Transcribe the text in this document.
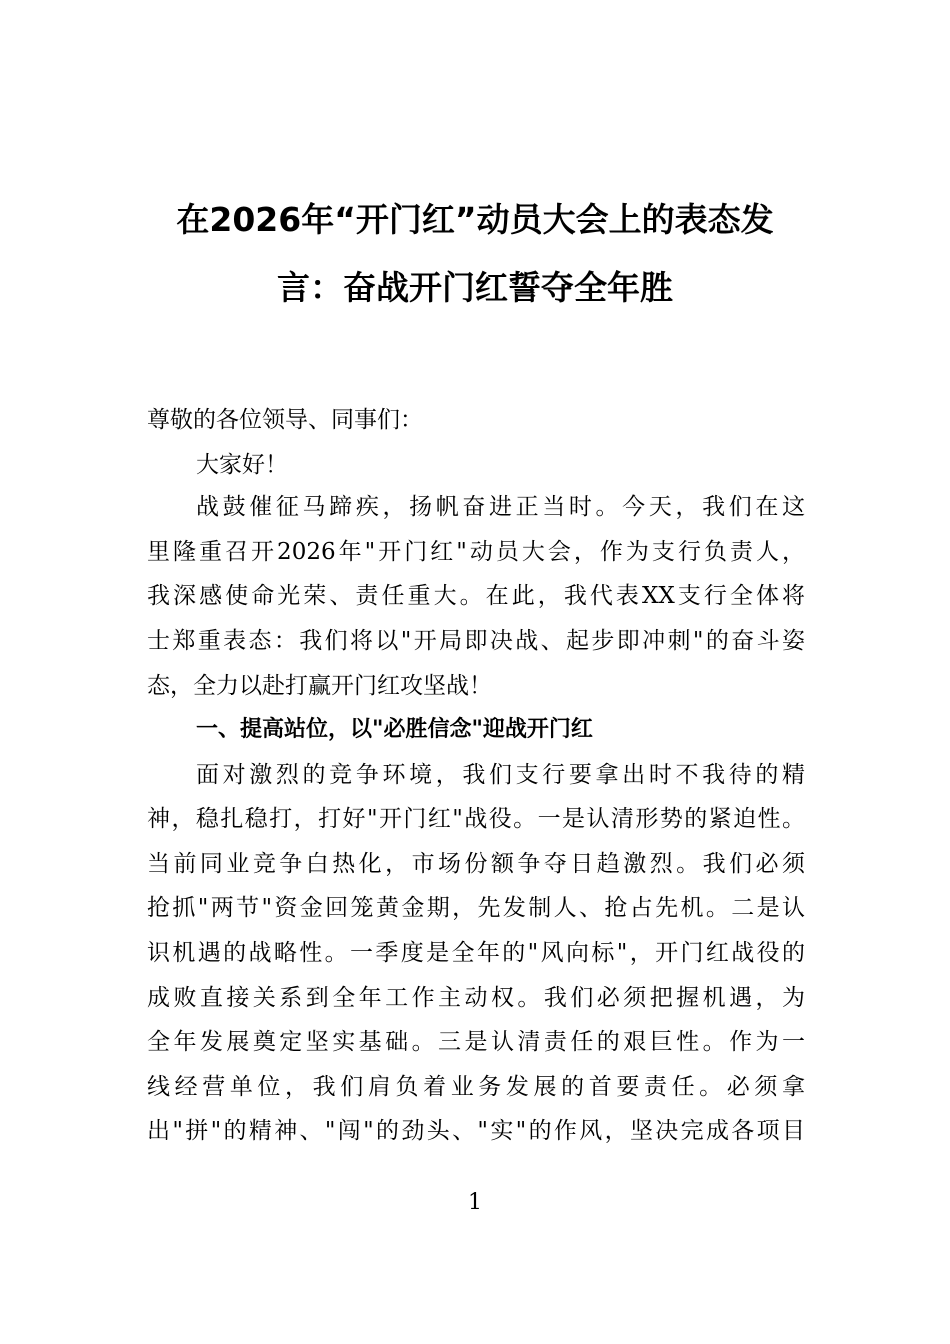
在2026年“开门红”动员大会上的表态发
言：奋战开门红誓夺全年胜
尊敬的各位领导、同事们：
大家好！
战鼓催征马蹄疾，扬帆奋进正当时。今天，我们在这
里隆重召开2026年"开门红"动员大会，作为支行负责人，
我深感使命光荣、责任重大。在此，我代表XX支行全体将
士郑重表态：我们将以"开局即决战、起步即冲刺"的奋斗姿
态，全力以赴打赢开门红攻坚战！
一、提高站位，以"必胜信念"迎战开门红
面对激烈的竞争环境，我们支行要拿出时不我待的精
神，稳扎稳打，打好"开门红"战役。一是认清形势的紧迫性。
当前同业竞争白热化，市场份额争夺日趋激烈。我们必须
抢抓"两节"资金回笼黄金期，先发制人、抢占先机。二是认
识机遇的战略性。一季度是全年的"风向标"，开门红战役的
成败直接关系到全年工作主动权。我们必须把握机遇，为
全年发展奠定坚实基础。三是认清责任的艰巨性。作为一
线经营单位，我们肩负着业务发展的首要责任。必须拿
出"拼"的精神、"闯"的劲头、"实"的作风，坚决完成各项目
1
